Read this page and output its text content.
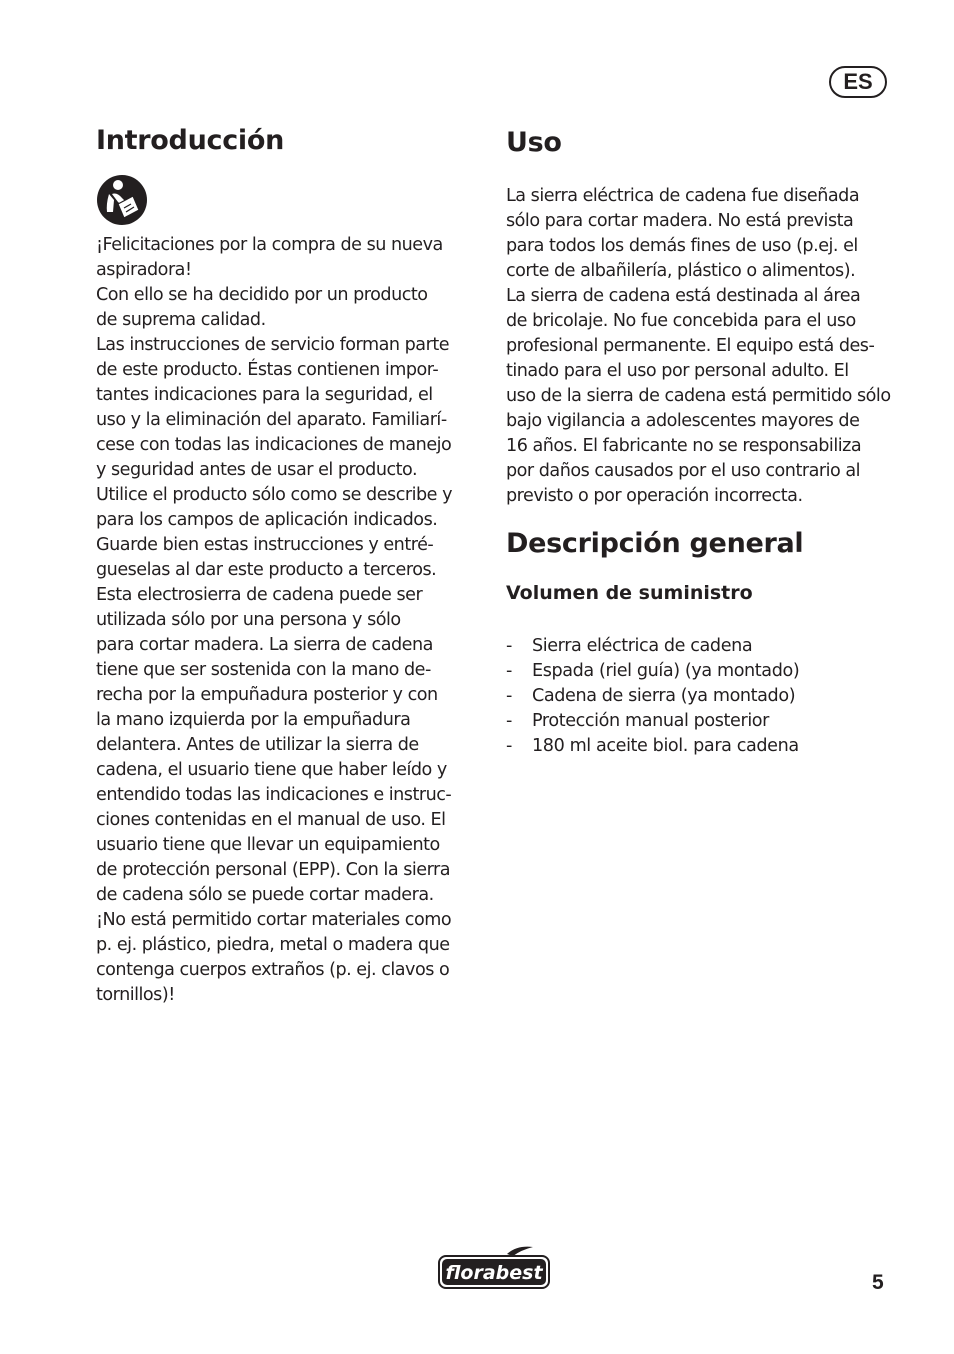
ES
Introducción

¡Felicitaciones por la compra de su nueva
aspiradora!
Con ello se ha decidido por un producto
de suprema calidad.
Las instrucciones de servicio forman parte
de este producto. Éstas contienen impor-
tantes indicaciones para la seguridad, el
uso y la eliminación del aparato. Familiarí-
cese con todas las indicaciones de manejo
y seguridad antes de usar el producto.
Utilice el producto sólo como se describe y
para los campos de aplicación indicados.
Guarde bien estas instrucciones y entré-
gueselas al dar este producto a terceros.
Esta electrosierra de cadena puede ser
utilizada sólo por una persona y sólo
para cortar madera. La sierra de cadena
tiene que ser sostenida con la mano de-
recha por la empuñadura posterior y con
la mano izquierda por la empuñadura
delantera. Antes de utilizar la sierra de
cadena, el usuario tiene que haber leído y
entendido todas las indicaciones e instruc-
ciones contenidas en el manual de uso. El
usuario tiene que llevar un equipamiento
de protección personal (EPP). Con la sierra
de cadena sólo se puede cortar madera.
¡No está permitido cortar materiales como
p. ej. plástico, piedra, metal o madera que
contenga cuerpos extraños (p. ej. clavos o
tornillos)!

Uso

La sierra eléctrica de cadena fue diseñada
sólo para cortar madera. No está prevista
para todos los demás fines de uso (p.ej. el
corte de albañilería, plástico o alimentos).
La sierra de cadena está destinada al área
de bricolaje. No fue concebida para el uso
profesional permanente. El equipo está des-
tinado para el uso por personal adulto. El
uso de la sierra de cadena está permitido sólo
bajo vigilancia a adolescentes mayores de
16 años. El fabricante no se responsabiliza
por daños causados por el uso contrario al
previsto o por operación incorrecta.

Descripción general
Volumen de suministro
-	Sierra eléctrica de cadena
-	Espada (riel guía) (ya montado)
-	Cadena de sierra (ya montado)
-	Protección manual posterior
-	180 ml aceite biol. para cadena
florabest	5
